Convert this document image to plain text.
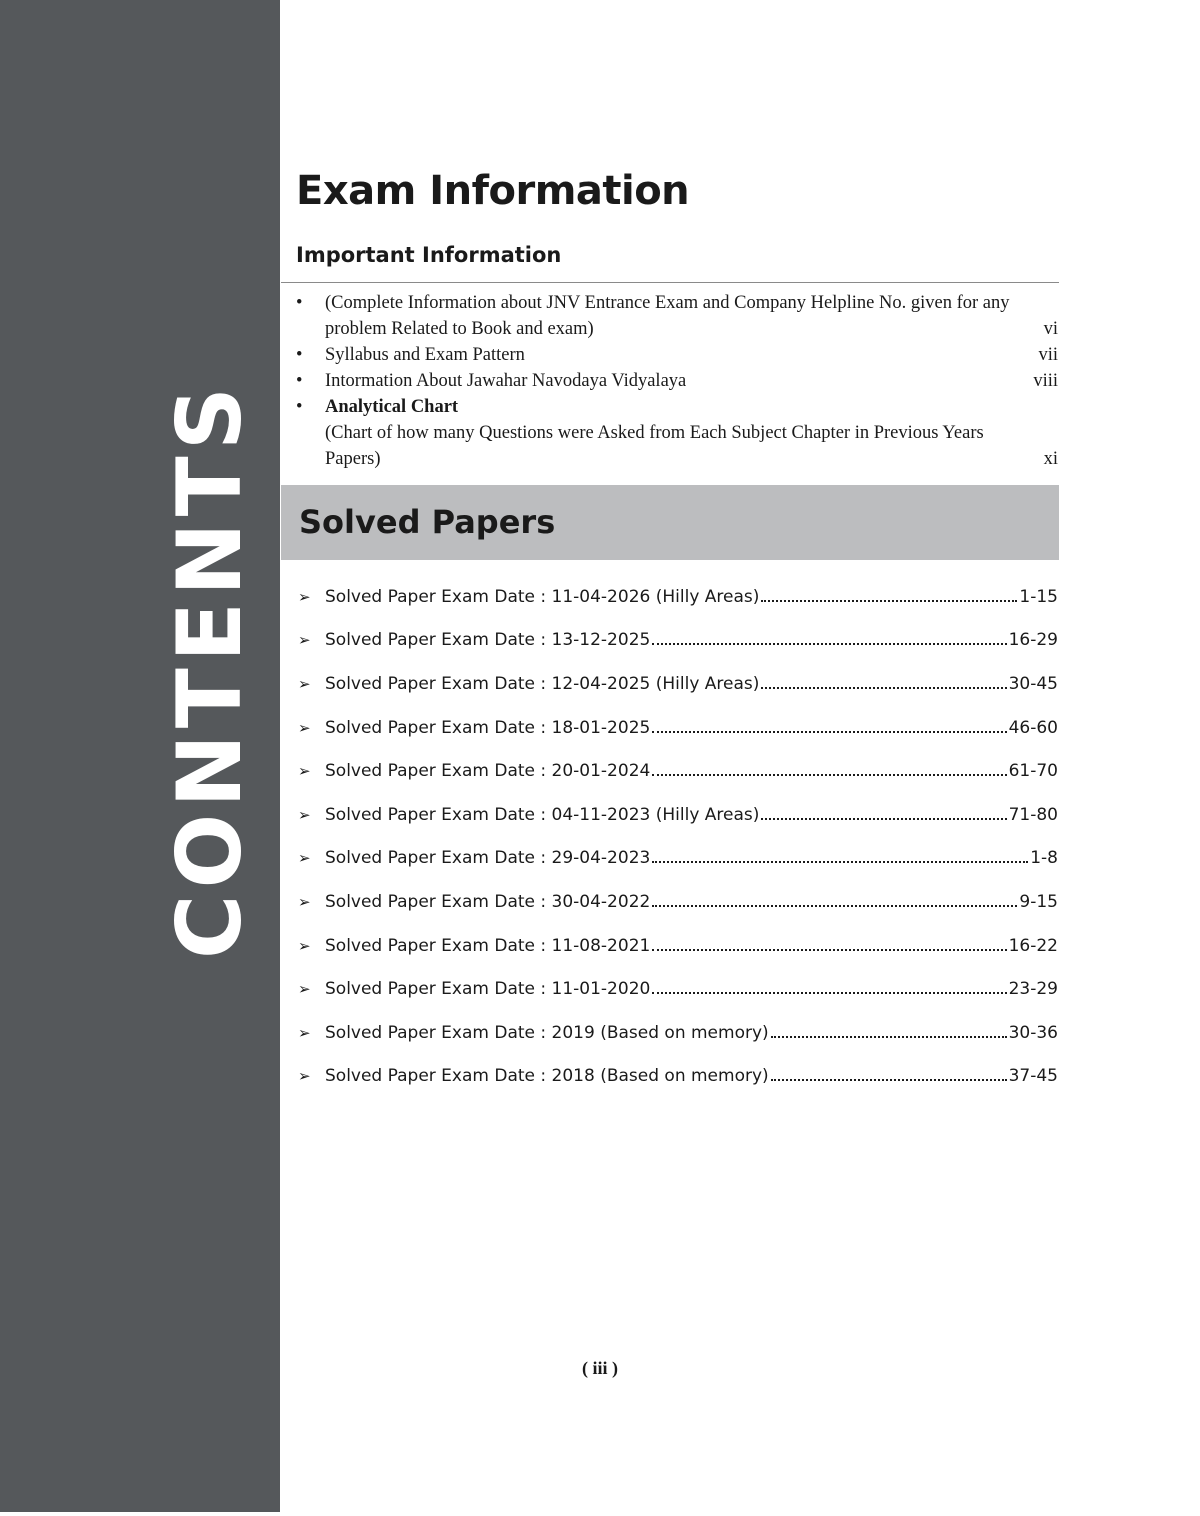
CONTENTS
Exam Information
Important Information
• (Complete Information about JNV Entrance Exam and Company Helpline No. given for any
problem Related to Book and exam)	vi
• Syllabus and Exam Pattern	vii
• Intormation About Jawahar Navodaya Vidyalaya	viii
• Analytical Chart
(Chart of how many Questions were Asked from Each Subject Chapter in Previous Years
Papers)	xi
Solved Papers
➢ Solved Paper Exam Date : 11-04-2026 (Hilly Areas)	1-15
➢ Solved Paper Exam Date : 13-12-2025	16-29
➢ Solved Paper Exam Date : 12-04-2025 (Hilly Areas)	30-45
➢ Solved Paper Exam Date : 18-01-2025	46-60
➢ Solved Paper Exam Date : 20-01-2024	61-70
➢ Solved Paper Exam Date : 04-11-2023 (Hilly Areas)	71-80
➢ Solved Paper Exam Date : 29-04-2023	1-8
➢ Solved Paper Exam Date : 30-04-2022	9-15
➢ Solved Paper Exam Date : 11-08-2021	16-22
➢ Solved Paper Exam Date : 11-01-2020	23-29
➢ Solved Paper Exam Date : 2019 (Based on memory)	30-36
➢ Solved Paper Exam Date : 2018 (Based on memory)	37-45
( iii )
